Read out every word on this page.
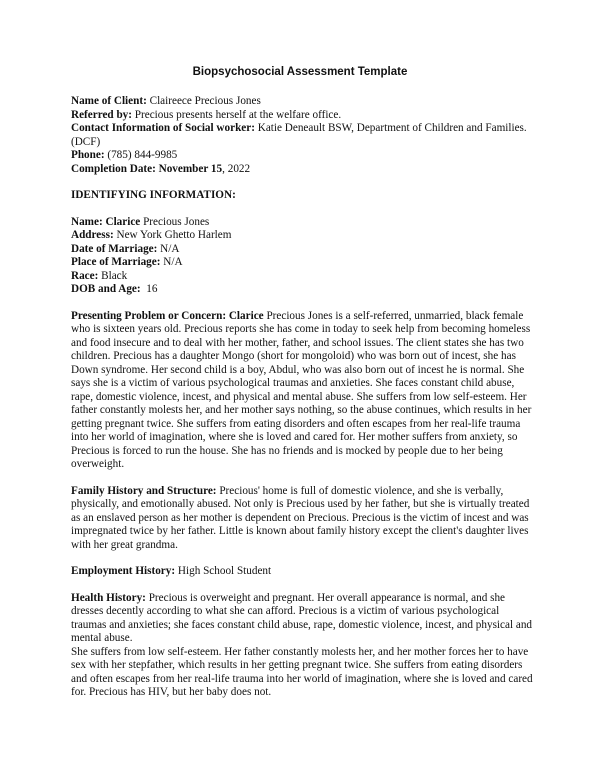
Biopsychosocial Assessment Template

Name of Client: Claireece Precious Jones

Referred by: Precious presents herself at the welfare office.

Contact Information of Social worker: Katie Deneault BSW, Department of Children and Families. (DCF)

Phone: (785) 844-9985

Completion Date: November 15, 2022

IDENTIFYING INFORMATION:

Name: Clarice Precious Jones

Address: New York Ghetto Harlem

Date of Marriage: N/A

Place of Marriage: N/A

Race: Black

DOB and Age:  16

Presenting Problem or Concern: Clarice Precious Jones is a self-referred, unmarried, black female who is sixteen years old. Precious reports she has come in today to seek help from becoming homeless and food insecure and to deal with her mother, father, and school issues. The client states she has two children. Precious has a daughter Mongo (short for mongoloid) who was born out of incest, she has Down syndrome. Her second child is a boy, Abdul, who was also born out of incest he is normal. She says she is a victim of various psychological traumas and anxieties. She faces constant child abuse, rape, domestic violence, incest, and physical and mental abuse. She suffers from low self-esteem. Her father constantly molests her, and her mother says nothing, so the abuse continues, which results in her getting pregnant twice. She suffers from eating disorders and often escapes from her real-life trauma into her world of imagination, where she is loved and cared for. Her mother suffers from anxiety, so Precious is forced to run the house. She has no friends and is mocked by people due to her being overweight.

Family History and Structure: Precious' home is full of domestic violence, and she is verbally, physically, and emotionally abused. Not only is Precious used by her father, but she is virtually treated as an enslaved person as her mother is dependent on Precious. Precious is the victim of incest and was impregnated twice by her father. Little is known about family history except the client's daughter lives with her great grandma.

Employment History: High School Student

Health History: Precious is overweight and pregnant. Her overall appearance is normal, and she dresses decently according to what she can afford. Precious is a victim of various psychological traumas and anxieties; she faces constant child abuse, rape, domestic violence, incest, and physical and mental abuse.

She suffers from low self-esteem. Her father constantly molests her, and her mother forces her to have sex with her stepfather, which results in her getting pregnant twice. She suffers from eating disorders and often escapes from her real-life trauma into her world of imagination, where she is loved and cared for. Precious has HIV, but her baby does not.
